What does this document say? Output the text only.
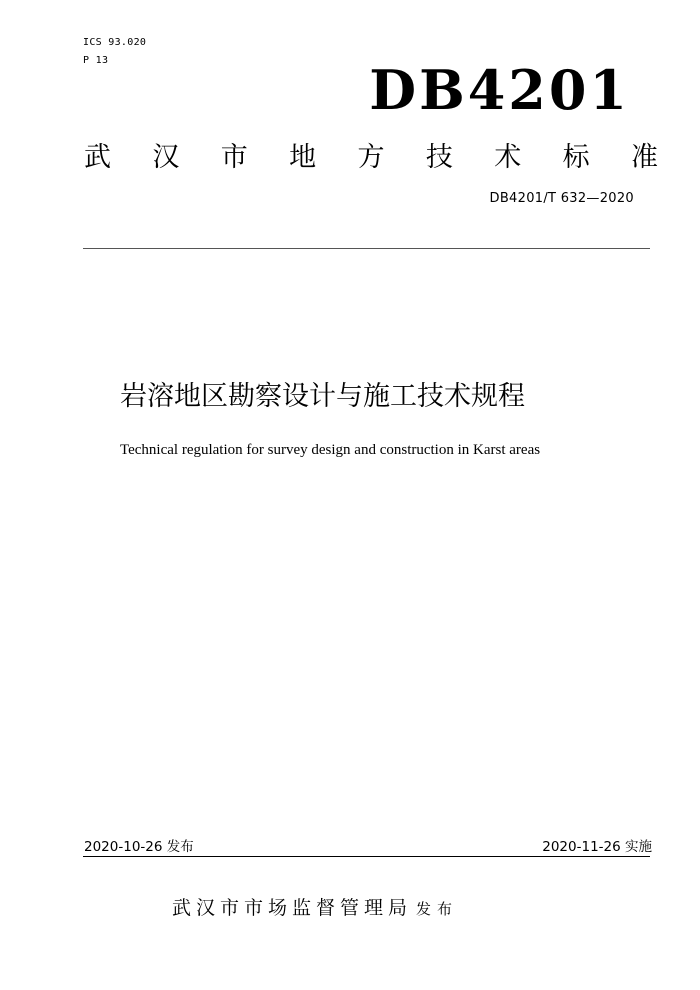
ICS 93.020
P 13	DB4201
武 汉 市 地 方 技 术 标 准
DB4201/T 632—2020
岩溶地区勘察设计与施工技术规程
Technical regulation for survey design and construction in Karst areas
2020-10-26 发布	2020-11-26 实施
武汉市市场监督管理局 发布
